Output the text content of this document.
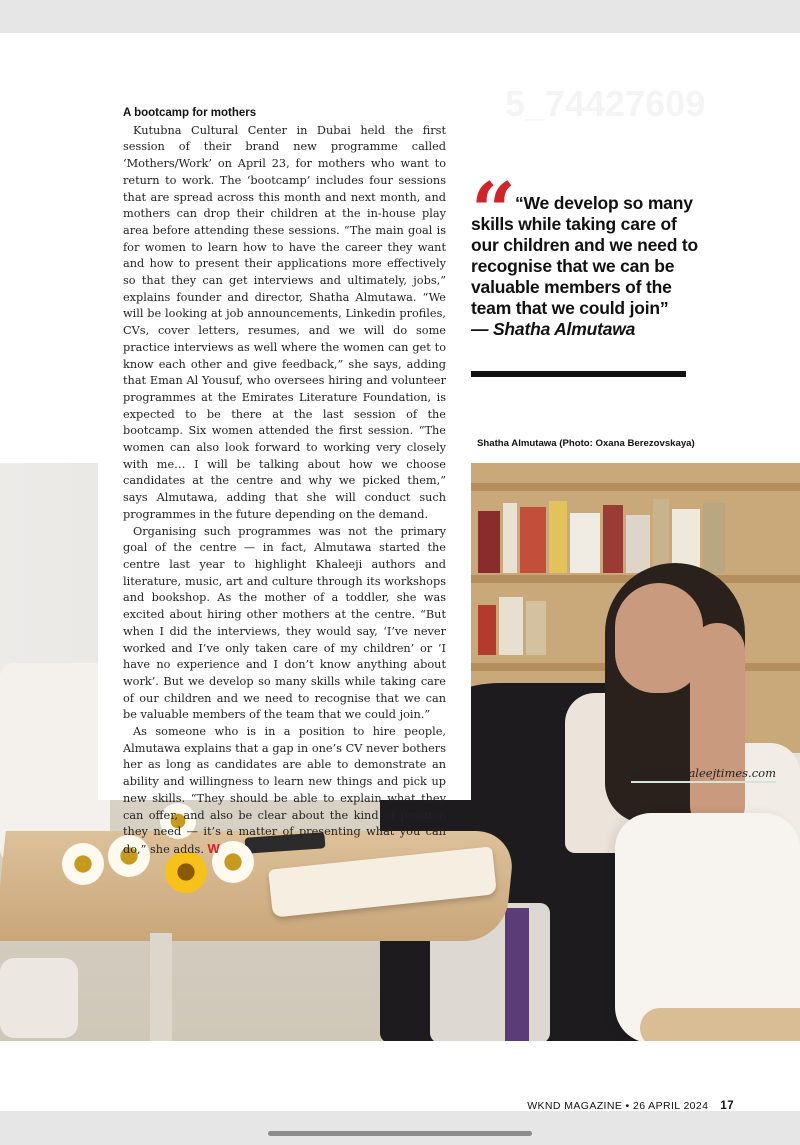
A bootcamp for mothers

Kutubna Cultural Center in Dubai held the first session of their brand new programme called ‘Mothers/Work’ on April 23, for mothers who want to return to work. The ‘bootcamp’ includes four sessions that are spread across this month and next month, and mothers can drop their children at the in-house play area before attending these sessions. “The main goal is for women to learn how to have the career they want and how to present their applications more effectively so that they can get interviews and ultimately, jobs,” explains founder and director, Shatha Almutawa. “We will be looking at job announcements, Linkedin profiles, CVs, cover letters, resumes, and we will do some practice interviews as well where the women can get to know each other and give feedback,” she says, adding that Eman Al Yousuf, who oversees hiring and volunteer programmes at the Emirates Literature Foundation, is expected to be there at the last session of the bootcamp. Six women attended the first session. “The women can also look forward to working very closely with me… I will be talking about how we choose candidates at the centre and why we picked them,” says Almutawa, adding that she will conduct such programmes in the future depending on the demand.

Organising such programmes was not the primary goal of the centre — in fact, Almutawa started the centre last year to highlight Khaleeji authors and literature, music, art and culture through its workshops and bookshop. As the mother of a toddler, she was excited about hiring other mothers at the centre. “But when I did the interviews, they would say, ‘I’ve never worked and I’ve only taken care of my children’ or ‘I have no experience and I don’t know anything about work’. But we develop so many skills while taking care of our children and we need to recognise that we can be valuable members of the team that we could join.”

As someone who is in a position to hire people, Almutawa explains that a gap in one’s CV never bothers her as long as candidates are able to demonstrate an ability and willingness to learn new things and pick up new skills. “They should be able to explain what they can offer, and also be clear about the kind of position they need — it’s a matter of presenting what you can do,” she adds. W

wknd@khaleejtimes.com
“ “We develop so many skills while taking care of our children and we need to recognise that we can be valuable members of the team that we could join”
— Shatha Almutawa
Shatha Almutawa (Photo: Oxana Berezovskaya)
WKND MAGAZINE • 26 APRIL 2024 17
